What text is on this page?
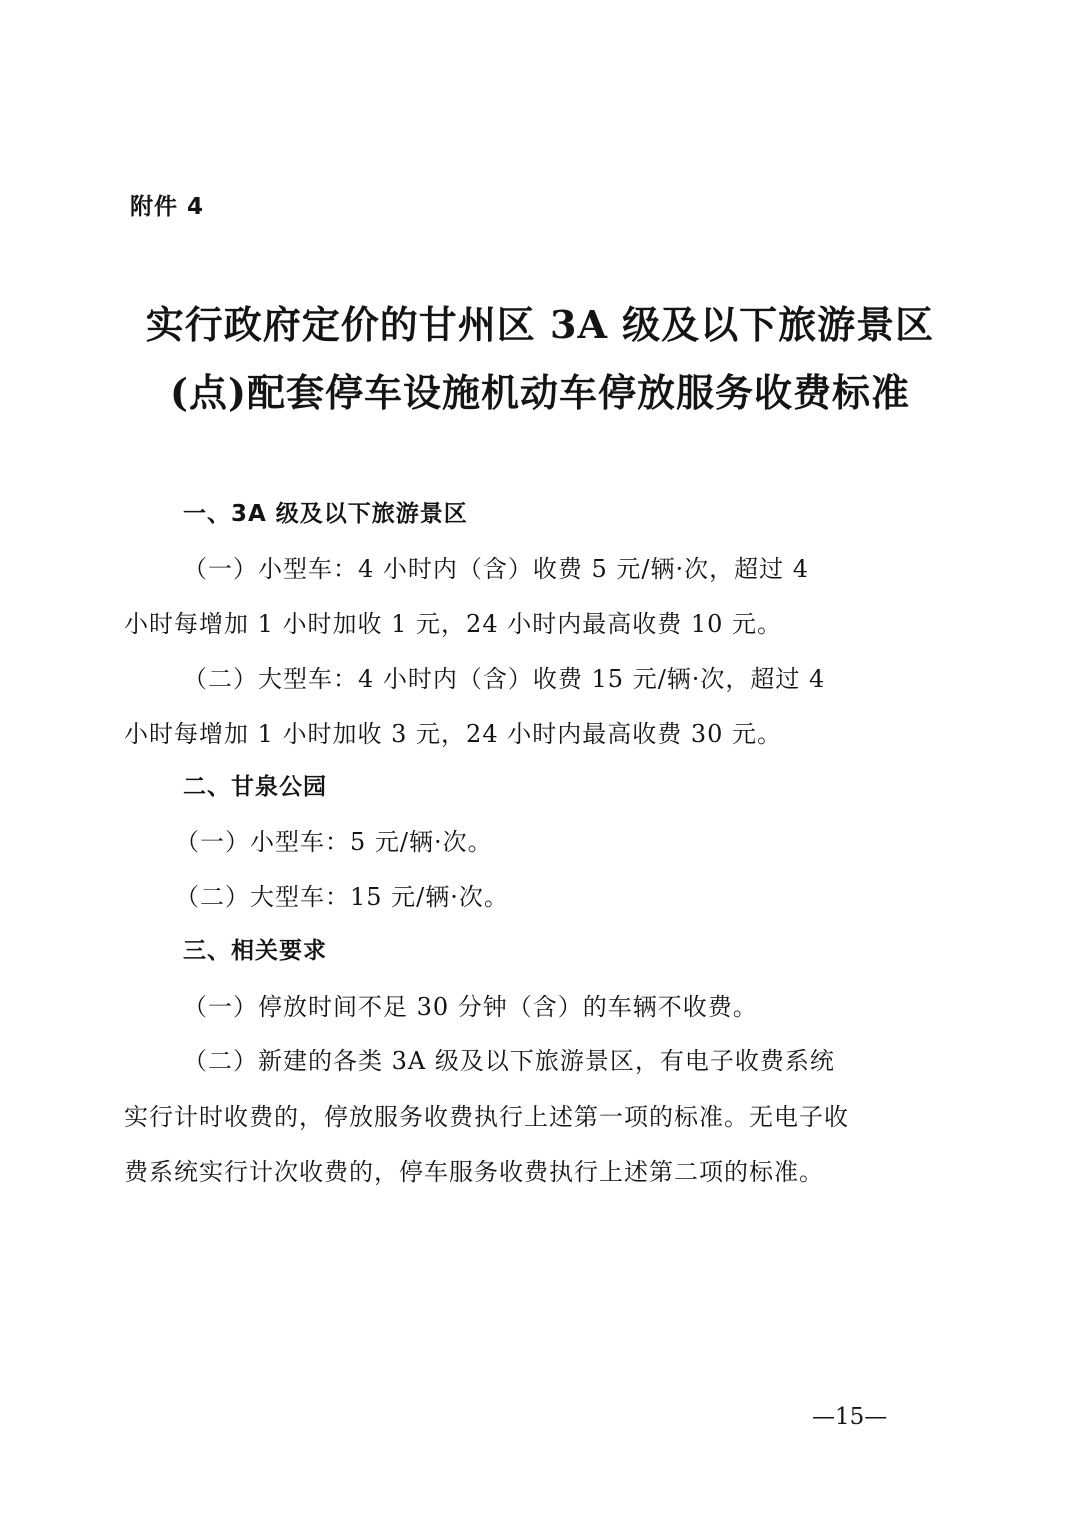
附件 4
实行政府定价的甘州区 3A 级及以下旅游景区
(点)配套停车设施机动车停放服务收费标准
一、3A 级及以下旅游景区
（一）小型车：4 小时内（含）收费 5 元/辆·次，超过 4
小时每增加 1 小时加收 1 元，24 小时内最高收费 10 元。
（二）大型车：4 小时内（含）收费 15 元/辆·次，超过 4
小时每增加 1 小时加收 3 元，24 小时内最高收费 30 元。
二、甘泉公园
（一）小型车：5 元/辆·次。
（二）大型车：15 元/辆·次。
三、相关要求
（一）停放时间不足 30 分钟（含）的车辆不收费。
（二）新建的各类 3A 级及以下旅游景区，有电子收费系统
实行计时收费的，停放服务收费执行上述第一项的标准。无电子收
费系统实行计次收费的，停车服务收费执行上述第二项的标准。
—15—
